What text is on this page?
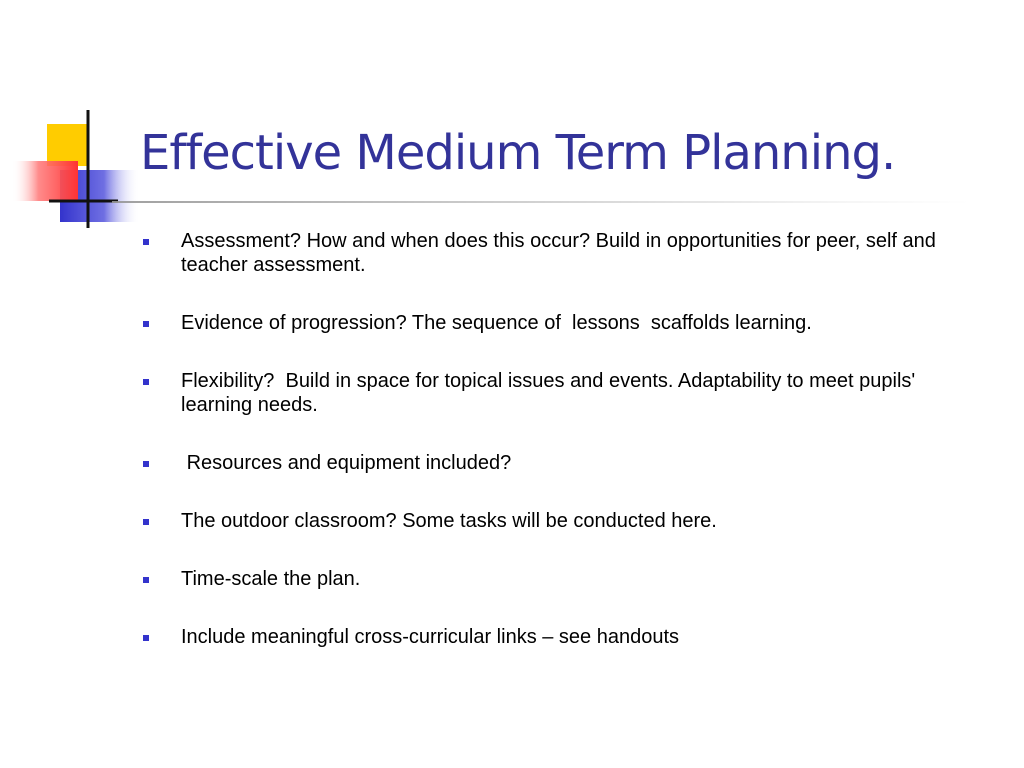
Effective Medium Term Planning.
Assessment? How and when does this occur? Build in opportunities for peer, self and teacher assessment.
Evidence of progression? The sequence of  lessons  scaffolds learning.
Flexibility?  Build in space for topical issues and events. Adaptability to meet pupils' learning needs.
Resources and equipment included?
The outdoor classroom? Some tasks will be conducted here.
Time-scale the plan.
Include meaningful cross-curricular links – see handouts
